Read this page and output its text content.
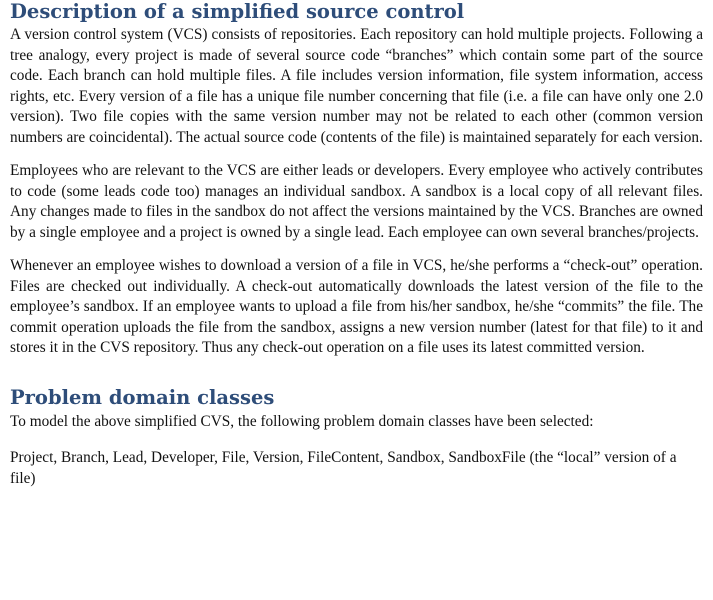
Description of a simplified source control

A version control system (VCS) consists of repositories. Each repository can hold multiple projects. Following a tree analogy, every project is made of several source code “branches” which contain some part of the source code. Each branch can hold multiple files. A file includes version information, file system information, access rights, etc. Every version of a file has a unique file number concerning that file (i.e. a file can have only one 2.0 version). Two file copies with the same version number may not be related to each other (common version numbers are coincidental). The actual source code (contents of the file) is maintained separately for each version.

Employees who are relevant to the VCS are either leads or developers. Every employee who actively contributes to code (some leads code too) manages an individual sandbox. A sandbox is a local copy of all relevant files. Any changes made to files in the sandbox do not affect the versions maintained by the VCS. Branches are owned by a single employee and a project is owned by a single lead. Each employee can own several branches/projects.

Whenever an employee wishes to download a version of a file in VCS, he/she performs a “check-out” operation. Files are checked out individually. A check-out automatically downloads the latest version of the file to the employee’s sandbox. If an employee wants to upload a file from his/her sandbox, he/she “commits” the file. The commit operation uploads the file from the sandbox, assigns a new version number (latest for that file) to it and stores it in the CVS repository. Thus any check-out operation on a file uses its latest committed version.

Problem domain classes

To model the above simplified CVS, the following problem domain classes have been selected:

Project, Branch, Lead, Developer, File, Version, FileContent, Sandbox, SandboxFile (the “local” version of a file)
